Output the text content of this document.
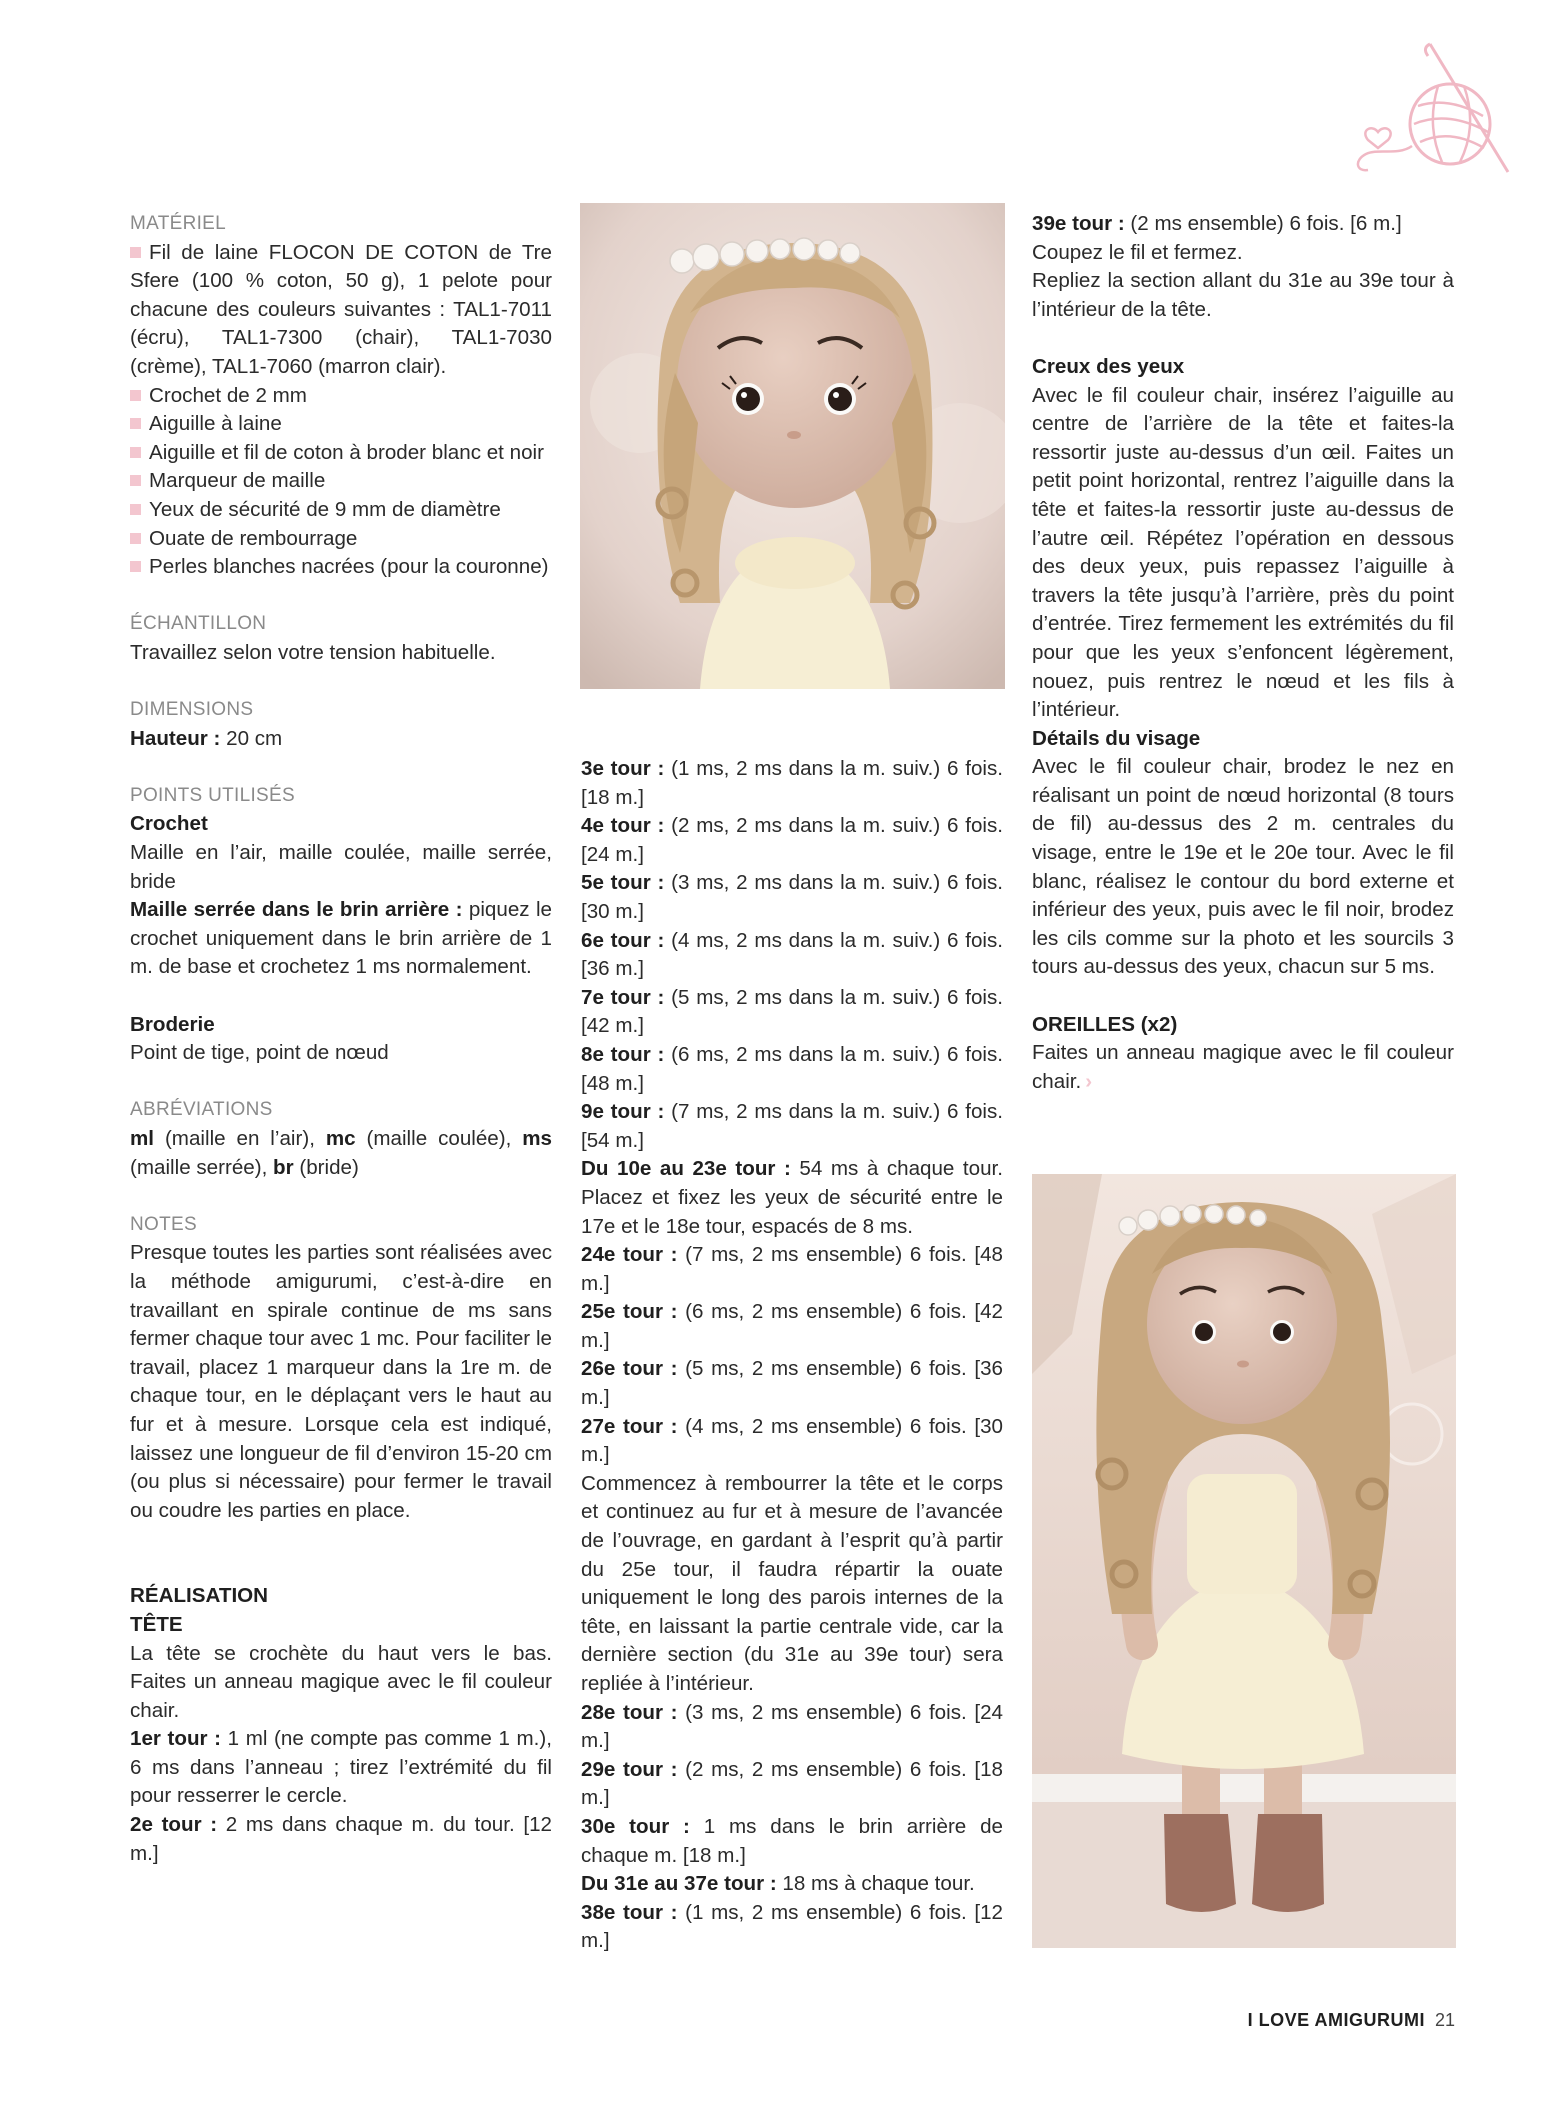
MATÉRIEL

Fil de laine FLOCON DE COTON de Tre Sfere (100 % coton, 50 g), 1 pelote pour chacune des couleurs suivantes : TAL1-7011 (écru), TAL1-7300 (chair), TAL1-7030 (crème), TAL1-7060 (marron clair).

Crochet de 2 mm

Aiguille à laine

Aiguille et fil de coton à broder blanc et noir

Marqueur de maille

Yeux de sécurité de 9 mm de diamètre

Ouate de rembourrage

Perles blanches nacrées (pour la couronne)

ÉCHANTILLON

Travaillez selon votre tension habituelle.

DIMENSIONS

Hauteur : 20 cm

POINTS UTILISÉS

Crochet

Maille en l’air, maille coulée, maille serrée, bride

Maille serrée dans le brin arrière : piquez le crochet uniquement dans le brin arrière de 1 m. de base et crochetez 1 ms normalement.

Broderie

Point de tige, point de nœud

ABRÉVIATIONS

ml (maille en l’air), mc (maille coulée), ms (maille serrée), br (bride)

NOTES

Presque toutes les parties sont réalisées avec la méthode amigurumi, c’est-à-dire en travaillant en spirale continue de ms sans fermer chaque tour avec 1 mc. Pour faciliter le travail, placez 1 marqueur dans la 1re m. de chaque tour, en le déplaçant vers le haut au fur et à mesure. Lorsque cela est indiqué, laissez une longueur de fil d’environ 15-20 cm (ou plus si nécessaire) pour fermer le travail ou coudre les parties en place.

RÉALISATION

TÊTE

La tête se crochète du haut vers le bas. Faites un anneau magique avec le fil couleur chair.

1er tour : 1 ml (ne compte pas comme 1 m.), 6 ms dans l’anneau ; tirez l’extrémité du fil pour resserrer le cercle.

2e tour : 2 ms dans chaque m. du tour. [12 m.]

3e tour : (1 ms, 2 ms dans la m. suiv.) 6 fois. [18 m.]

4e tour : (2 ms, 2 ms dans la m. suiv.) 6 fois. [24 m.]

5e tour : (3 ms, 2 ms dans la m. suiv.) 6 fois. [30 m.]

6e tour : (4 ms, 2 ms dans la m. suiv.) 6 fois. [36 m.]

7e tour : (5 ms, 2 ms dans la m. suiv.) 6 fois. [42 m.]

8e tour : (6 ms, 2 ms dans la m. suiv.) 6 fois. [48 m.]

9e tour : (7 ms, 2 ms dans la m. suiv.) 6 fois. [54 m.]

Du 10e au 23e tour : 54 ms à chaque tour. Placez et fixez les yeux de sécurité entre le 17e et le 18e tour, espacés de 8 ms.

24e tour : (7 ms, 2 ms ensemble) 6 fois. [48 m.]

25e tour : (6 ms, 2 ms ensemble) 6 fois. [42 m.]

26e tour : (5 ms, 2 ms ensemble) 6 fois. [36 m.]

27e tour : (4 ms, 2 ms ensemble) 6 fois. [30 m.]

Commencez à rembourrer la tête et le corps et continuez au fur et à mesure de l’avancée de l’ouvrage, en gardant à l’esprit qu’à partir du 25e tour, il faudra répartir la ouate uniquement le long des parois internes de la tête, en laissant la partie centrale vide, car la dernière section (du 31e au 39e tour) sera repliée à l’intérieur.

28e tour : (3 ms, 2 ms ensemble) 6 fois. [24 m.]

29e tour : (2 ms, 2 ms ensemble) 6 fois. [18 m.]

30e tour : 1 ms dans le brin arrière de chaque m. [18 m.]

Du 31e au 37e tour : 18 ms à chaque tour.

38e tour : (1 ms, 2 ms ensemble) 6 fois. [12 m.]

39e tour : (2 ms ensemble) 6 fois. [6 m.]

Coupez le fil et fermez.

Repliez la section allant du 31e au 39e tour à l’intérieur de la tête.

Creux des yeux

Avec le fil couleur chair, insérez l’aiguille au centre de l’arrière de la tête et faites-la ressortir juste au-dessus d’un œil. Faites un petit point horizontal, rentrez l’aiguille dans la tête et faites-la ressortir juste au-dessus de l’autre œil. Répétez l’opération en dessous des deux yeux, puis repassez l’aiguille à travers la tête jusqu’à l’arrière, près du point d’entrée. Tirez fermement les extrémités du fil pour que les yeux s’enfoncent légèrement, nouez, puis rentrez le nœud et les fils à l’intérieur.

Détails du visage

Avec le fil couleur chair, brodez le nez en réalisant un point de nœud horizontal (8 tours de fil) au-dessus des 2 m. centrales du visage, entre le 19e et le 20e tour. Avec le fil blanc, réalisez le contour du bord externe et inférieur des yeux, puis avec le fil noir, brodez les cils comme sur la photo et les sourcils 3 tours au-dessus des yeux, chacun sur 5 ms.

OREILLES (x2)

Faites un anneau magique avec le fil couleur chair. ›

I LOVE AMIGURUMI 21
